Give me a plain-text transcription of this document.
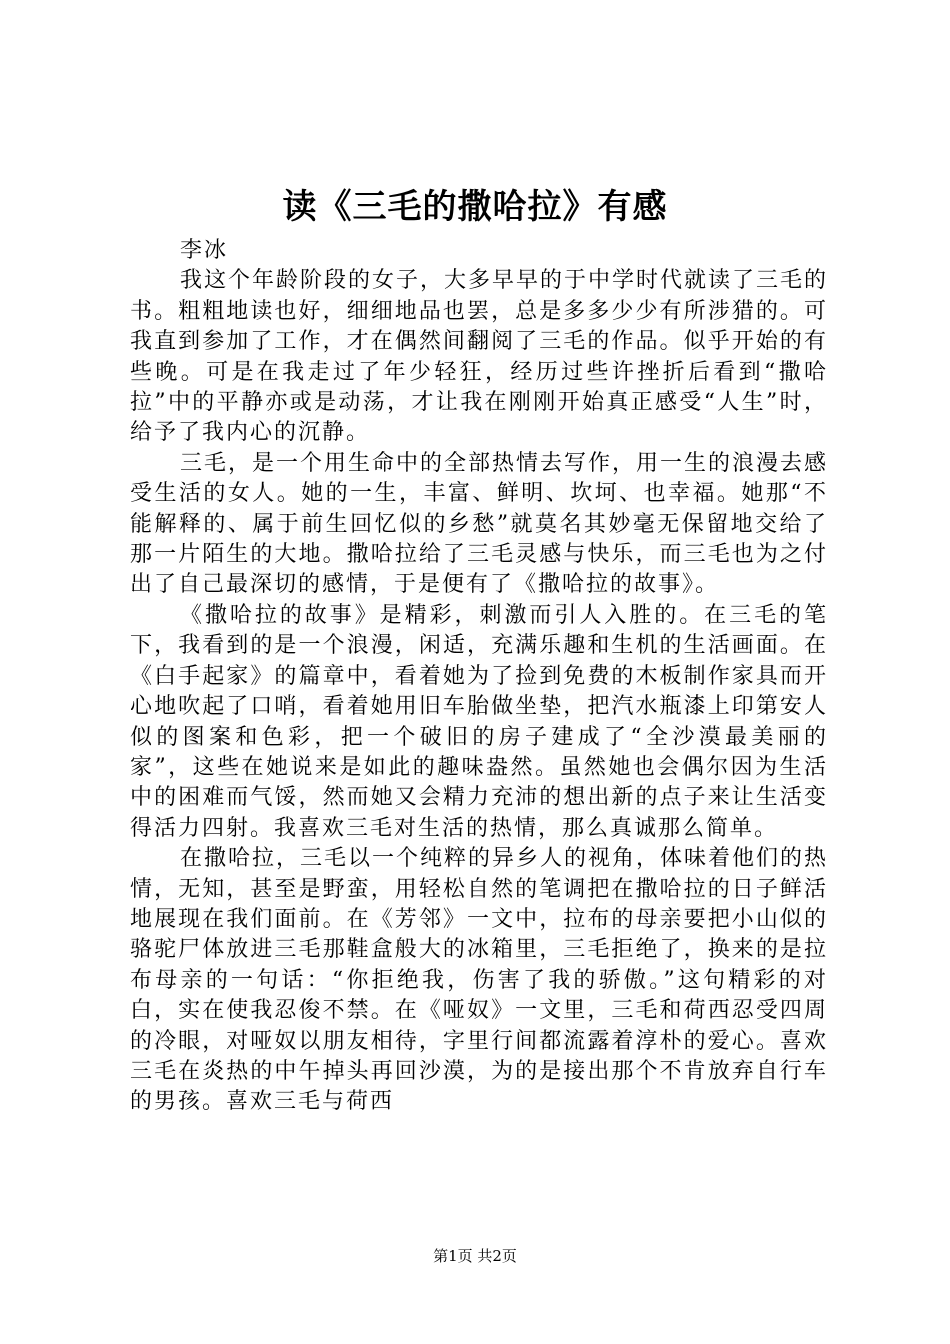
读《三毛的撒哈拉》有感

李冰

我这个年龄阶段的女子，大多早早的于中学时代就读了三毛的书。粗粗地读也好，细细地品也罢，总是多多少少有所涉猎的。可我直到参加了工作，才在偶然间翻阅了三毛的作品。似乎开始的有些晚。可是在我走过了年少轻狂，经历过些许挫折后看到“撒哈拉”中的平静亦或是动荡，才让我在刚刚开始真正感受“人生”时，给予了我内心的沉静。

三毛，是一个用生命中的全部热情去写作，用一生的浪漫去感受生活的女人。她的一生，丰富、鲜明、坎坷、也幸福。她那“不能解释的、属于前生回忆似的乡愁”就莫名其妙毫无保留地交给了那一片陌生的大地。撒哈拉给了三毛灵感与快乐，而三毛也为之付出了自己最深切的感情，于是便有了《撒哈拉的故事》。

《撒哈拉的故事》是精彩，刺激而引人入胜的。在三毛的笔下，我看到的是一个浪漫，闲适，充满乐趣和生机的生活画面。在《白手起家》的篇章中，看着她为了捡到免费的木板制作家具而开心地吹起了口哨，看着她用旧车胎做坐垫，把汽水瓶漆上印第安人似的图案和色彩，把一个破旧的房子建成了“全沙漠最美丽的家”，这些在她说来是如此的趣味盎然。虽然她也会偶尔因为生活中的困难而气馁，然而她又会精力充沛的想出新的点子来让生活变得活力四射。我喜欢三毛对生活的热情，那么真诚那么简单。

在撒哈拉，三毛以一个纯粹的异乡人的视角，体味着他们的热情，无知，甚至是野蛮，用轻松自然的笔调把在撒哈拉的日子鲜活地展现在我们面前。在《芳邻》一文中，拉布的母亲要把小山似的骆驼尸体放进三毛那鞋盒般大的冰箱里，三毛拒绝了，换来的是拉布母亲的一句话：“你拒绝我，伤害了我的骄傲。”这句精彩的对白，实在使我忍俊不禁。在《哑奴》一文里，三毛和荷西忍受四周的冷眼，对哑奴以朋友相待，字里行间都流露着淳朴的爱心。喜欢三毛在炎热的中午掉头再回沙漠，为的是接出那个不肯放弃自行车的男孩。喜欢三毛与荷西

第1页 共2页
